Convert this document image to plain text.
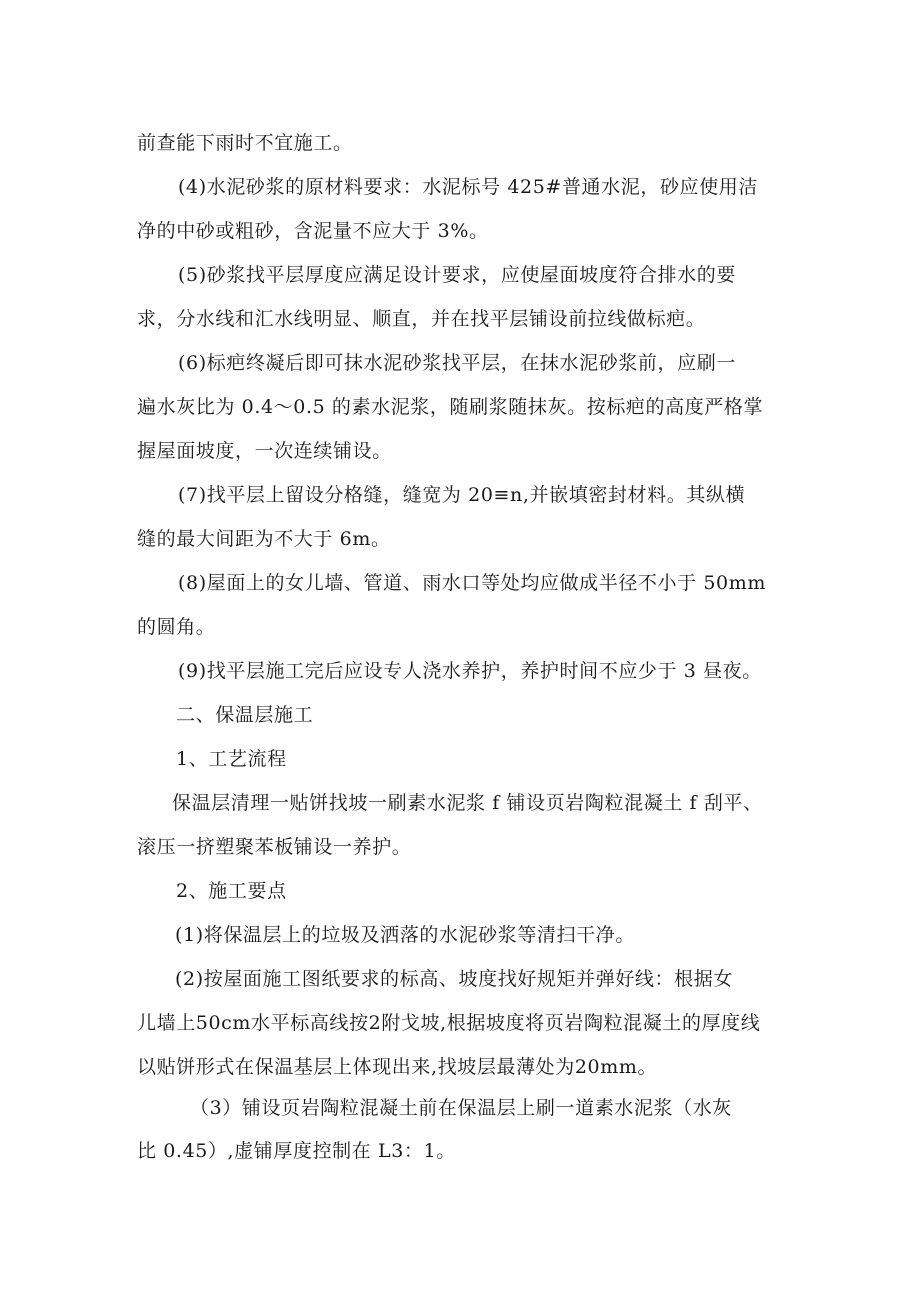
前查能下雨时不宜施工。
(4)水泥砂浆的原材料要求：水泥标号 425#普通水泥，砂应使用洁
净的中砂或粗砂，含泥量不应大于 3%。
(5)砂浆找平层厚度应满足设计要求，应使屋面坡度符合排水的要
求，分水线和汇水线明显、顺直，并在找平层铺设前拉线做标疤。
(6)标疤终凝后即可抹水泥砂浆找平层，在抹水泥砂浆前，应刷一
遍水灰比为 0.4～0.5 的素水泥浆，随刷浆随抹灰。按标疤的高度严格掌
握屋面坡度，一次连续铺设。
(7)找平层上留设分格缝，缝宽为 20≡n,并嵌填密封材料。其纵横
缝的最大间距为不大于 6m。
(8)屋面上的女儿墙、管道、雨水口等处均应做成半径不小于 50mm
的圆角。
(9)找平层施工完后应设专人浇水养护，养护时间不应少于 3 昼夜。
二、保温层施工
1、工艺流程
保温层清理一贴饼找坡一刷素水泥浆 f 铺设页岩陶粒混凝土 f 刮平、
滚压一挤塑聚苯板铺设一养护。
2、施工要点
(1)将保温层上的垃圾及洒落的水泥砂浆等清扫干净。
(2)按屋面施工图纸要求的标高、坡度找好规矩并弹好线：根据女
儿墙上50cm水平标高线按2附戈坡,根据坡度将页岩陶粒混凝土的厚度线
以贴饼形式在保温基层上体现出来,找坡层最薄处为20mm。
（3）铺设页岩陶粒混凝土前在保温层上刷一道素水泥浆（水灰
比 0.45）,虚铺厚度控制在 L3：1。
